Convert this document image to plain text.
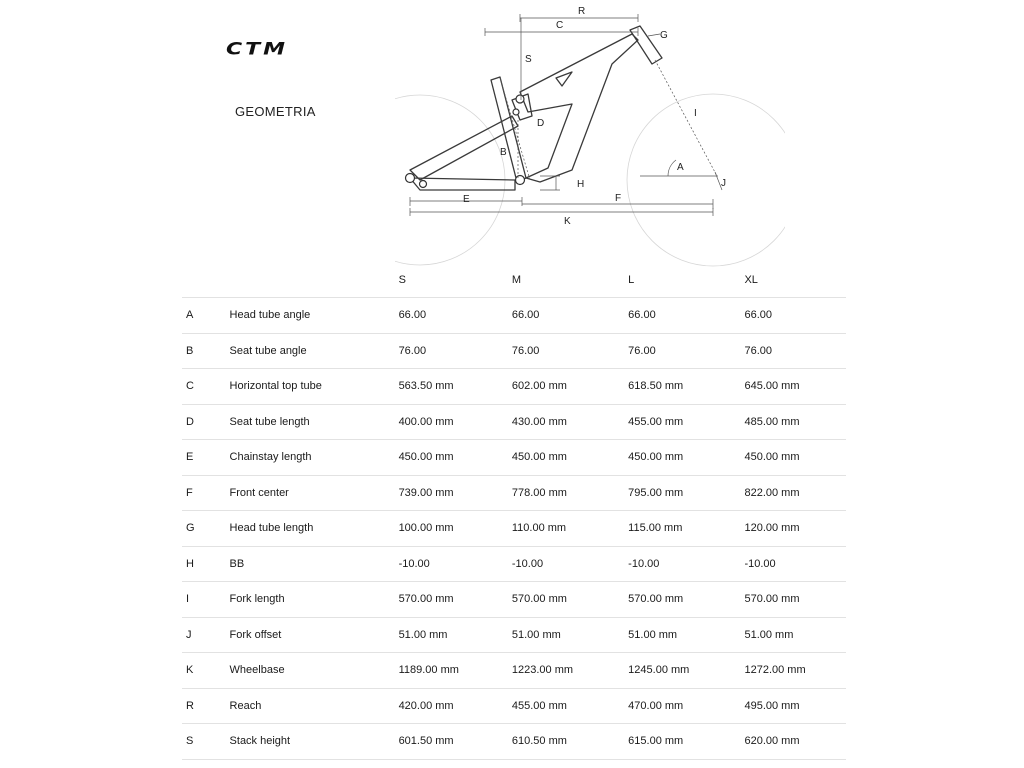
CTM
GEOMETRIA
R
C
G
S
I
D
B
A
H	J
E	F
K
		S	M	L	XL
A	Head tube angle	66.00	66.00	66.00	66.00
B	Seat tube angle	76.00	76.00	76.00	76.00
C	Horizontal top tube	563.50 mm	602.00 mm	618.50 mm	645.00 mm
D	Seat tube length	400.00 mm	430.00 mm	455.00 mm	485.00 mm
E	Chainstay length	450.00 mm	450.00 mm	450.00 mm	450.00 mm
F	Front center	739.00 mm	778.00 mm	795.00 mm	822.00 mm
G	Head tube length	100.00 mm	110.00 mm	115.00 mm	120.00 mm
H	BB	-10.00	-10.00	-10.00	-10.00
I	Fork length	570.00 mm	570.00 mm	570.00 mm	570.00 mm
J	Fork offset	51.00 mm	51.00 mm	51.00 mm	51.00 mm
K	Wheelbase	1189.00 mm	1223.00 mm	1245.00 mm	1272.00 mm
R	Reach	420.00 mm	455.00 mm	470.00 mm	495.00 mm
S	Stack height	601.50 mm	610.50 mm	615.00 mm	620.00 mm
